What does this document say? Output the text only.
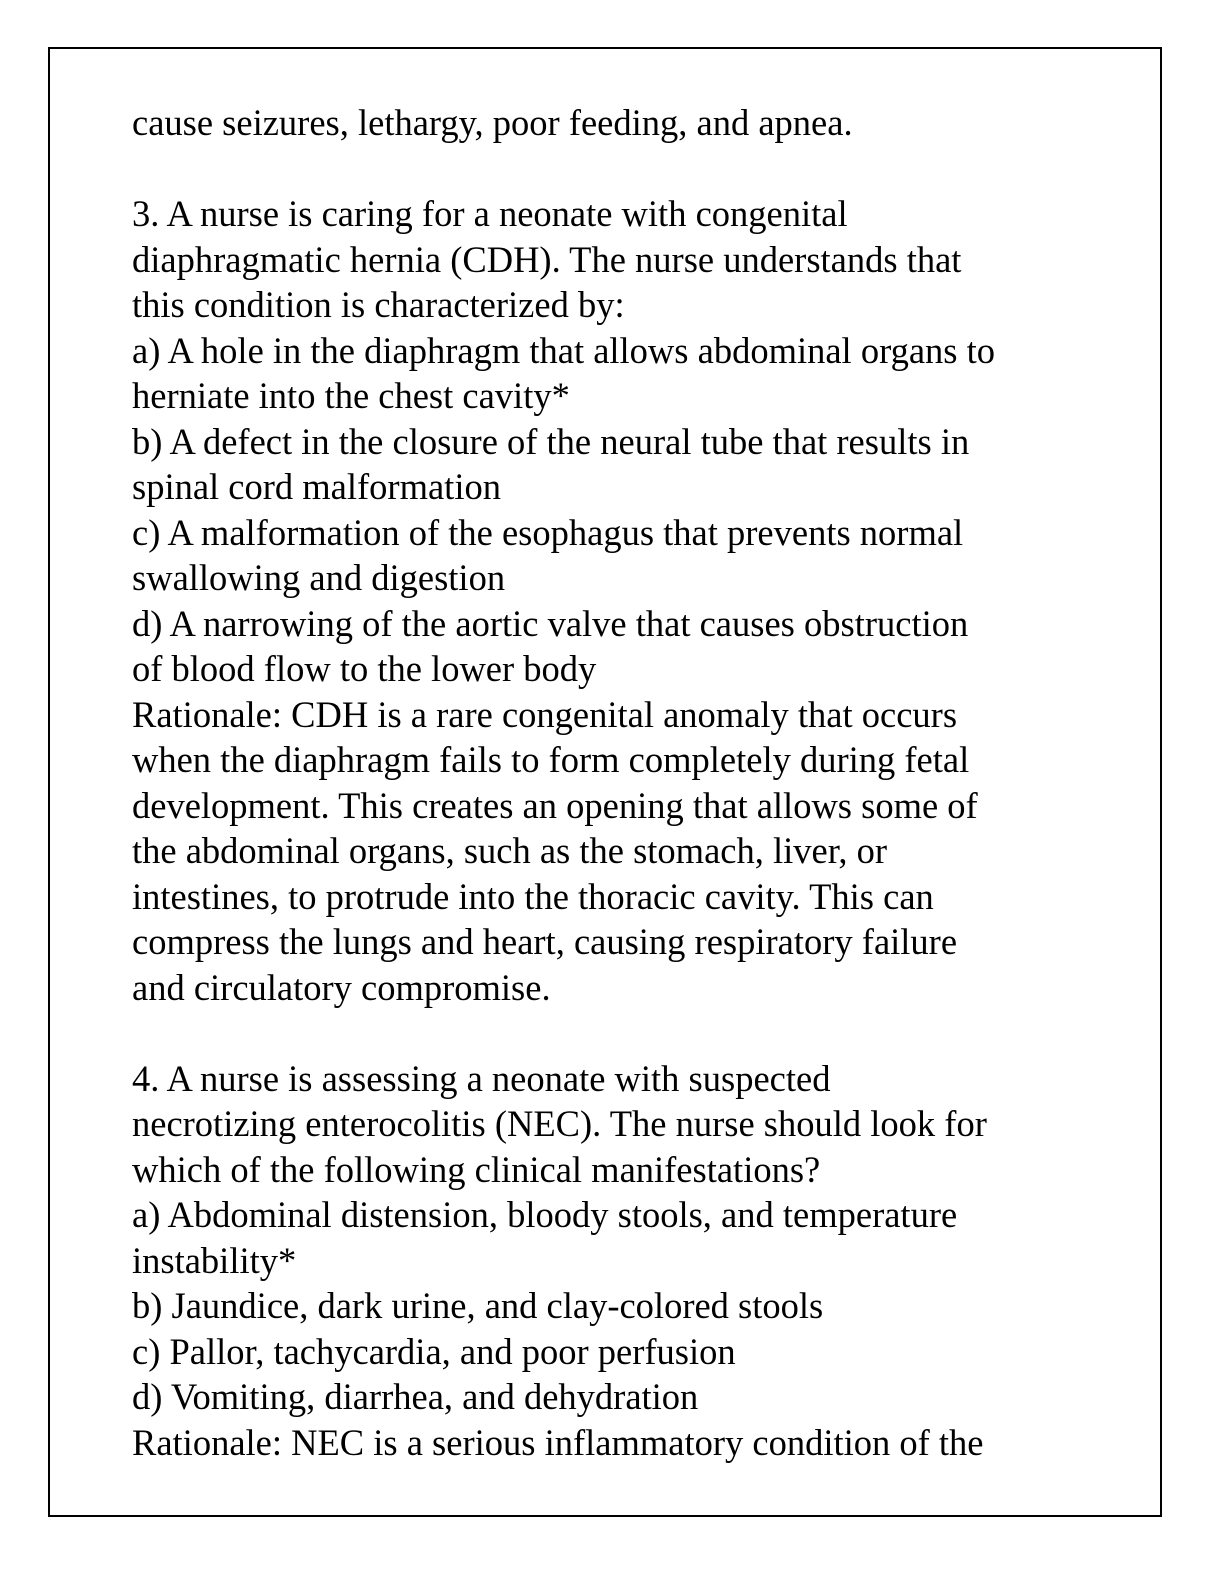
cause seizures, lethargy, poor feeding, and apnea.
3. A nurse is caring for a neonate with congenital
diaphragmatic hernia (CDH). The nurse understands that
this condition is characterized by:
a) A hole in the diaphragm that allows abdominal organs to
herniate into the chest cavity*
b) A defect in the closure of the neural tube that results in
spinal cord malformation
c) A malformation of the esophagus that prevents normal
swallowing and digestion
d) A narrowing of the aortic valve that causes obstruction
of blood flow to the lower body
Rationale: CDH is a rare congenital anomaly that occurs
when the diaphragm fails to form completely during fetal
development. This creates an opening that allows some of
the abdominal organs, such as the stomach, liver, or
intestines, to protrude into the thoracic cavity. This can
compress the lungs and heart, causing respiratory failure
and circulatory compromise.
4. A nurse is assessing a neonate with suspected
necrotizing enterocolitis (NEC). The nurse should look for
which of the following clinical manifestations?
a) Abdominal distension, bloody stools, and temperature
instability*
b) Jaundice, dark urine, and clay-colored stools
c) Pallor, tachycardia, and poor perfusion
d) Vomiting, diarrhea, and dehydration
Rationale: NEC is a serious inflammatory condition of the
